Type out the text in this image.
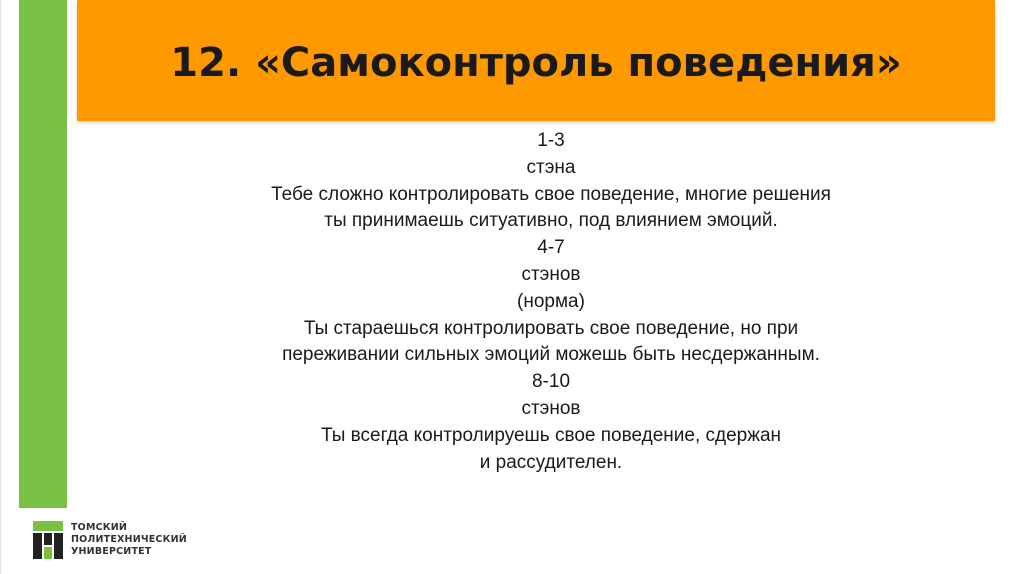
12. «Самоконтроль поведения»
1-3
стэна
Тебе сложно контролировать свое поведение, многие решения
ты принимаешь ситуативно, под влиянием эмоций.
4-7
стэнов
(норма)
Ты стараешься контролировать свое поведение, но при
переживании сильных эмоций можешь быть несдержанным.
8-10
стэнов
Ты всегда контролируешь свое поведение, сдержан
и рассудителен.
ТОМСКИЙ
ПОЛИТЕХНИЧЕСКИЙ
УНИВЕРСИТЕТ
